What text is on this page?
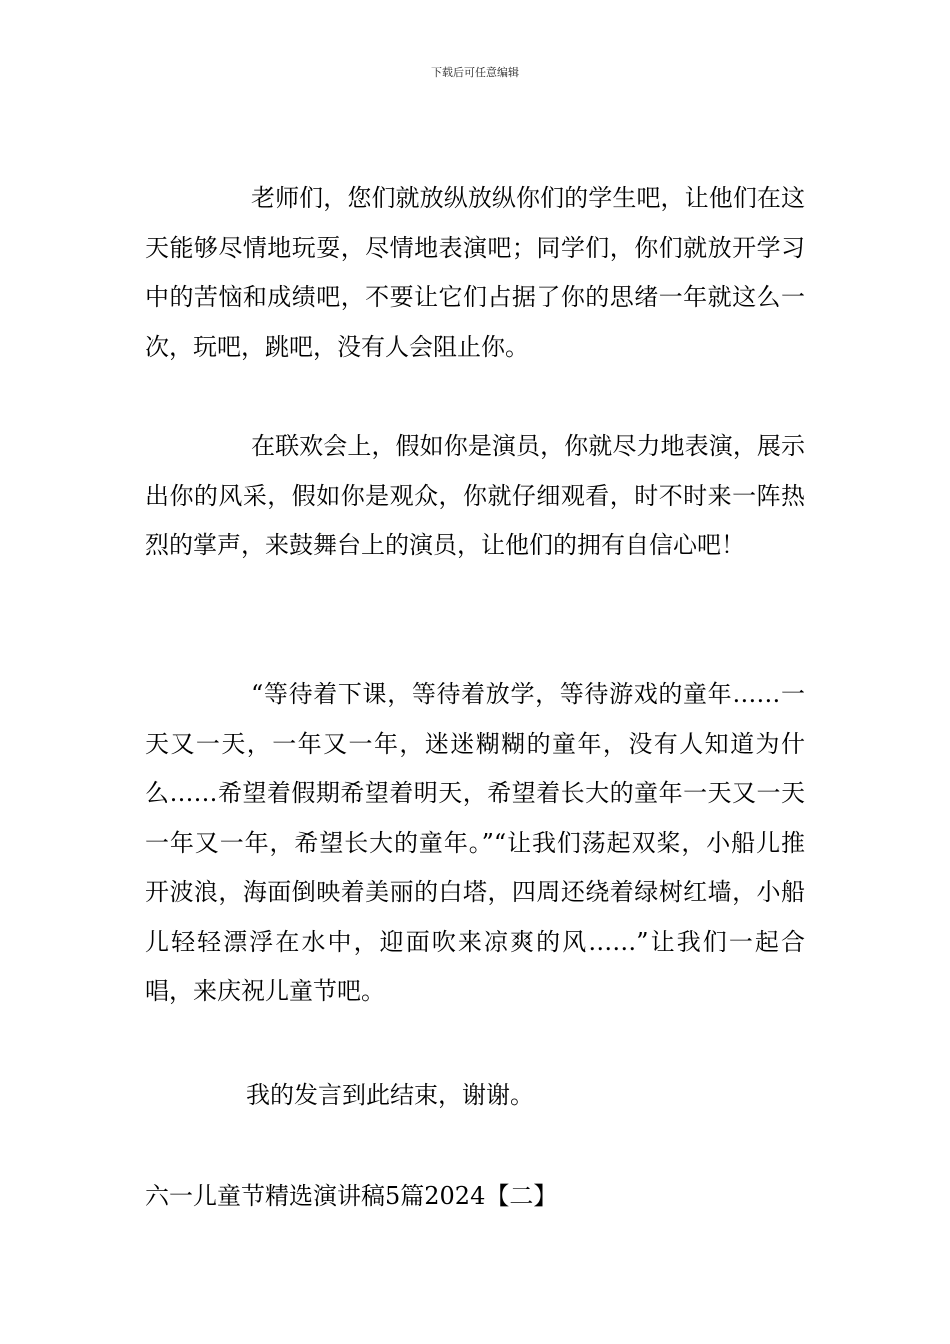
下载后可任意编辑

老师们，您们就放纵放纵你们的学生吧，让他们在这天能够尽情地玩耍，尽情地表演吧；同学们，你们就放开学习中的苦恼和成绩吧，不要让它们占据了你的思绪一年就这么一次，玩吧，跳吧，没有人会阻止你。

在联欢会上，假如你是演员，你就尽力地表演，展示出你的风采，假如你是观众，你就仔细观看，时不时来一阵热烈的掌声，来鼓舞台上的演员，让他们的拥有自信心吧！

“等待着下课，等待着放学，等待游戏的童年……一天又一天，一年又一年，迷迷糊糊的童年，没有人知道为什么……希望着假期希望着明天，希望着长大的童年一天又一天一年又一年，希望长大的童年。”“让我们荡起双桨，小船儿推开波浪，海面倒映着美丽的白塔，四周还绕着绿树红墙，小船儿轻轻漂浮在水中，迎面吹来凉爽的风……”让我们一起合唱，来庆祝儿童节吧。

我的发言到此结束，谢谢。

六一儿童节精选演讲稿5篇2024【二】
